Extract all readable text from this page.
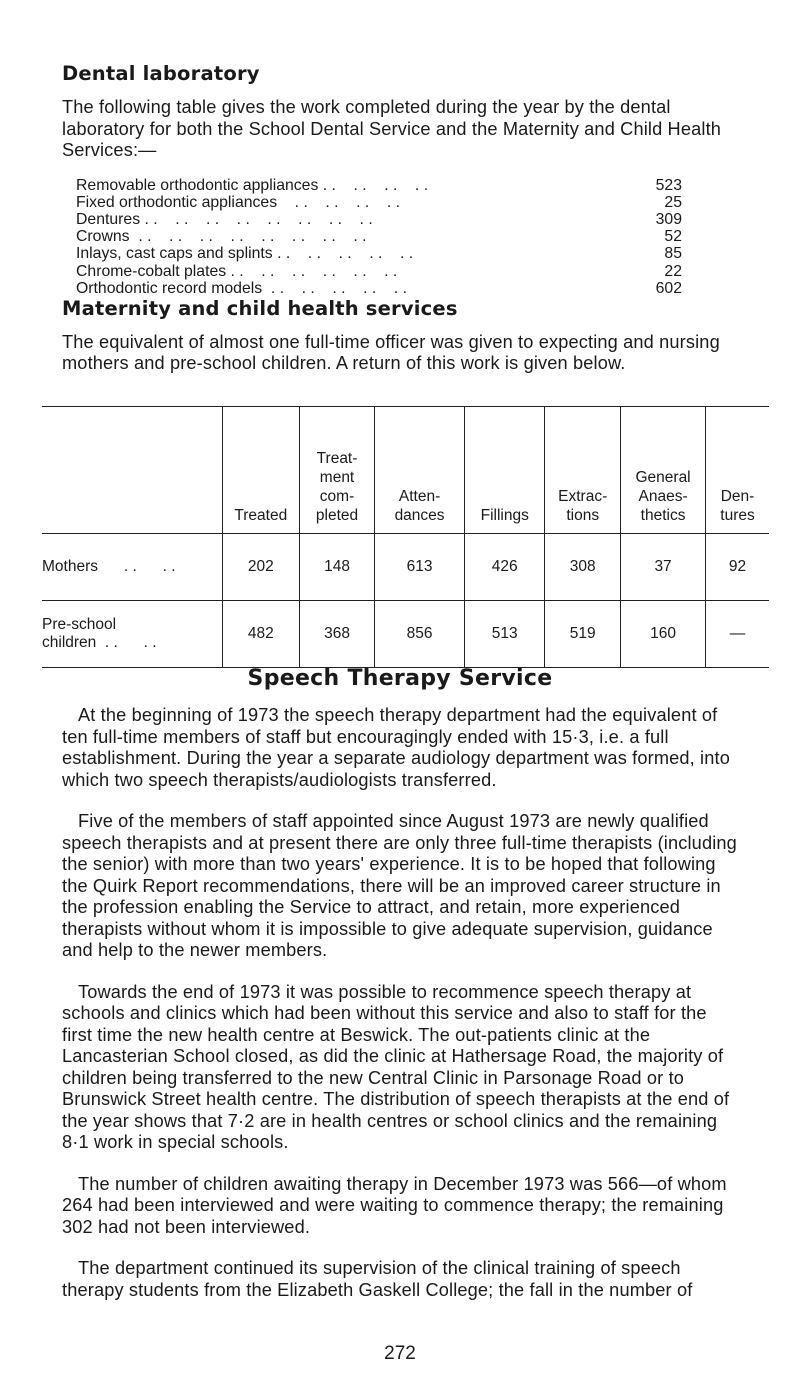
Dental laboratory

The following table gives the work completed during the year by the dental laboratory for both the School Dental Service and the Maternity and Child Health Services:—

Removable orthodontic appliances . .    . .    . .    . .	523
Fixed orthodontic appliances . .    . .    . .    . .	25
Dentures . .    . .    . .    . .    . .    . .    . .    . .	309
Crowns . .    . .    . .    . .    . .    . .    . .    . .	52
Inlays, cast caps and splints . .    . .    . .    . .    . .	85
Chrome-cobalt plates . .    . .    . .    . .    . .    . .	22
Orthodontic record models . .    . .    . .    . .    . .	602
Maternity and child health services

The equivalent of almost one full-time officer was given to expecting and nursing mothers and pre-school children. A return of this work is given below.

	Treated	Treat-
ment
com-
pleted	Atten-
dances	Fillings	Extrac-
tions	General
Anaes-
thetics	Den-
tures
Mothers      . .      . .	202	148	613	426	308	37	92
Pre-school
children  . .      . .	482	368	856	513	519	160	—
Speech Therapy Service

At the beginning of 1973 the speech therapy department had the equivalent of ten full-time members of staff but encouragingly ended with 15·3, i.e. a full establishment. During the year a separate audiology department was formed, into which two speech therapists/audiologists transferred.

Five of the members of staff appointed since August 1973 are newly qualified speech therapists and at present there are only three full-time therapists (including the senior) with more than two years' experience. It is to be hoped that following the Quirk Report recommendations, there will be an improved career structure in the profession enabling the Service to attract, and retain, more experienced therapists without whom it is impossible to give adequate supervision, guidance and help to the newer members.

Towards the end of 1973 it was possible to recommence speech therapy at schools and clinics which had been without this service and also to staff for the first time the new health centre at Beswick. The out-patients clinic at the Lancasterian School closed, as did the clinic at Hathersage Road, the majority of children being transferred to the new Central Clinic in Parsonage Road or to Brunswick Street health centre. The distribution of speech therapists at the end of the year shows that 7·2 are in health centres or school clinics and the remaining 8·1 work in special schools.

The number of children awaiting therapy in December 1973 was 566—of whom 264 had been interviewed and were waiting to commence therapy; the remaining 302 had not been interviewed.

The department continued its supervision of the clinical training of speech therapy students from the Elizabeth Gaskell College; the fall in the number of

272
